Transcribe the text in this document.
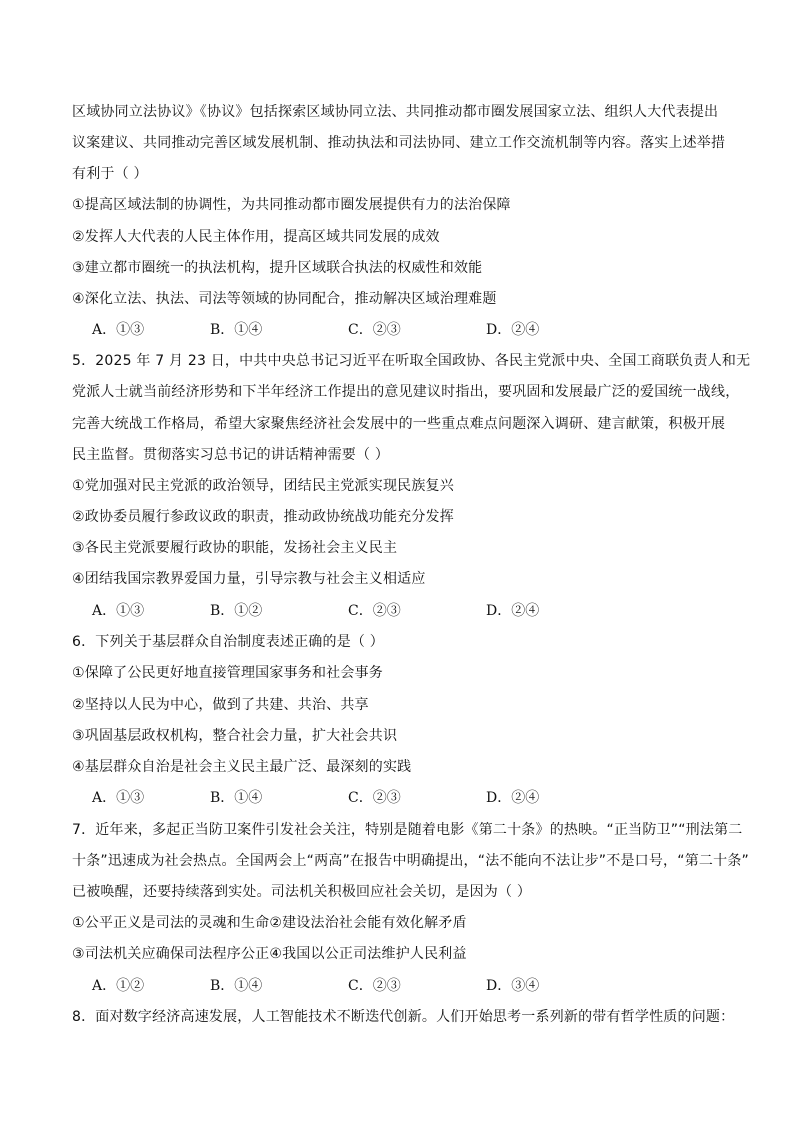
区域协同立法协议》《协议》包括探索区域协同立法、共同推动都市圈发展国家立法、组织人大代表提出
议案建议、共同推动完善区域发展机制、推动执法和司法协同、建立工作交流机制等内容。落实上述举措
有利于（ ）
①提高区域法制的协调性，为共同推动都市圈发展提供有力的法治保障
②发挥人大代表的人民主体作用，提高区域共同发展的成效
③建立都市圈统一的执法机构，提升区域联合执法的权威性和效能
④深化立法、执法、司法等领域的协同配合，推动解决区域治理难题
A．①③	B．①④	C．②③	D．②④
5．2025 年 7 月 23 日，中共中央总书记习近平在听取全国政协、各民主党派中央、全国工商联负责人和无
党派人士就当前经济形势和下半年经济工作提出的意见建议时指出，要巩固和发展最广泛的爱国统一战线，
完善大统战工作格局，希望大家聚焦经济社会发展中的一些重点难点问题深入调研、建言献策，积极开展
民主监督。贯彻落实习总书记的讲话精神需要（ ）
①党加强对民主党派的政治领导，团结民主党派实现民族复兴
②政协委员履行参政议政的职责，推动政协统战功能充分发挥
③各民主党派要履行政协的职能，发扬社会主义民主
④团结我国宗教界爱国力量，引导宗教与社会主义相适应
A．①③	B．①②	C．②③	D．②④
6．下列关于基层群众自治制度表述正确的是（ ）
①保障了公民更好地直接管理国家事务和社会事务
②坚持以人民为中心，做到了共建、共治、共享
③巩固基层政权机构，整合社会力量，扩大社会共识
④基层群众自治是社会主义民主最广泛、最深刻的实践
A．①③	B．①④	C．②③	D．②④
7．近年来，多起正当防卫案件引发社会关注，特别是随着电影《第二十条》的热映。“正当防卫”“刑法第二
十条”迅速成为社会热点。全国两会上“两高”在报告中明确提出，“法不能向不法让步”不是口号，“第二十条”
已被唤醒，还要持续落到实处。司法机关积极回应社会关切，是因为（ ）
①公平正义是司法的灵魂和生命②建设法治社会能有效化解矛盾
③司法机关应确保司法程序公正④我国以公正司法维护人民利益
A．①②	B．①④	C．②③	D．③④
8．面对数字经济高速发展，人工智能技术不断迭代创新。人们开始思考一系列新的带有哲学性质的问题：
